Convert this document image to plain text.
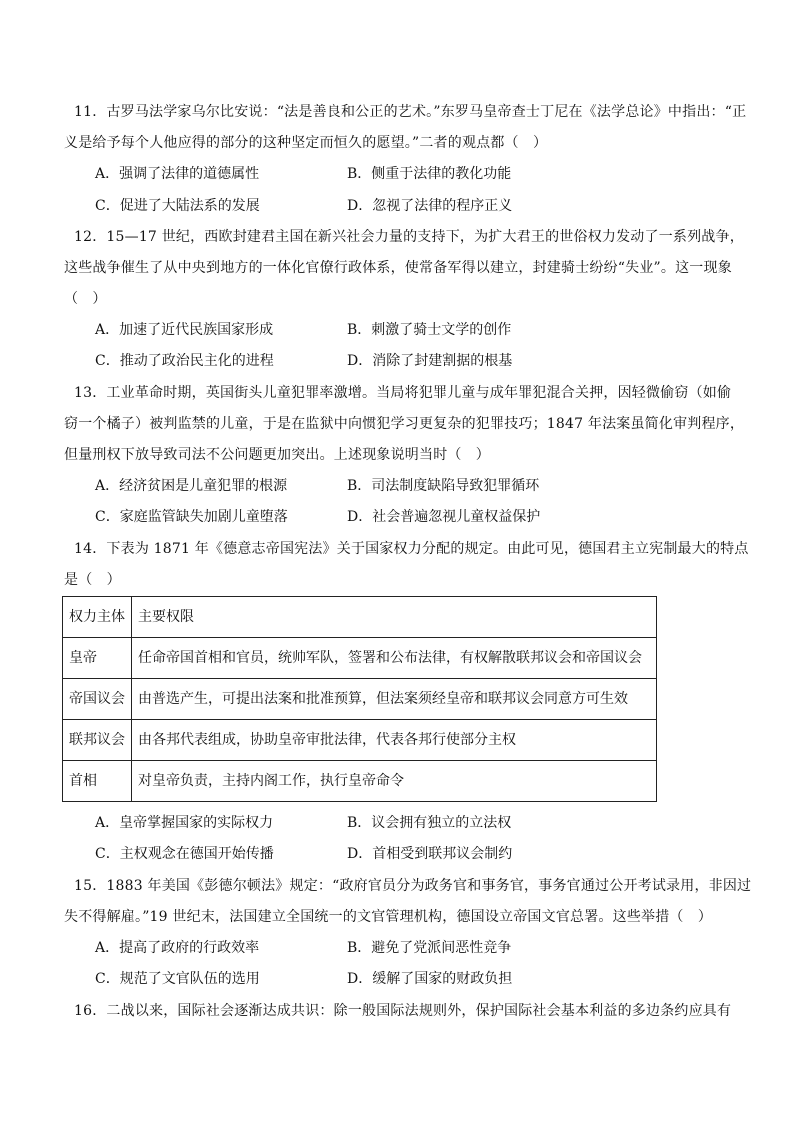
11．古罗马法学家乌尔比安说：“法是善良和公正的艺术。”东罗马皇帝查士丁尼在《法学总论》中指出：“正
义是给予每个人他应得的部分的这种坚定而恒久的愿望。”二者的观点都（　）
A．强调了法律的道德属性	B．侧重于法律的教化功能
C．促进了大陆法系的发展	D．忽视了法律的程序正义
12．15—17 世纪，西欧封建君主国在新兴社会力量的支持下，为扩大君王的世俗权力发动了一系列战争，
这些战争催生了从中央到地方的一体化官僚行政体系，使常备军得以建立，封建骑士纷纷“失业”。这一现象
（　）
A．加速了近代民族国家形成	B．刺激了骑士文学的创作
C．推动了政治民主化的进程	D．消除了封建割据的根基
13．工业革命时期，英国街头儿童犯罪率激增。当局将犯罪儿童与成年罪犯混合关押，因轻微偷窃（如偷
窃一个橘子）被判监禁的儿童，于是在监狱中向惯犯学习更复杂的犯罪技巧；1847 年法案虽简化审判程序，
但量刑权下放导致司法不公问题更加突出。上述现象说明当时（　）
A．经济贫困是儿童犯罪的根源	B．司法制度缺陷导致犯罪循环
C．家庭监管缺失加剧儿童堕落	D．社会普遍忽视儿童权益保护
14．下表为 1871 年《德意志帝国宪法》关于国家权力分配的规定。由此可见，德国君主立宪制最大的特点
是（　）
权力主体	主要权限
皇帝	任命帝国首相和官员，统帅军队，签署和公布法律，有权解散联邦议会和帝国议会
帝国议会	由普选产生，可提出法案和批准预算，但法案须经皇帝和联邦议会同意方可生效
联邦议会	由各邦代表组成，协助皇帝审批法律，代表各邦行使部分主权
首相	对皇帝负责，主持内阁工作，执行皇帝命令
A．皇帝掌握国家的实际权力	B．议会拥有独立的立法权
C．主权观念在德国开始传播	D．首相受到联邦议会制约
15．1883 年美国《彭德尔顿法》规定：“政府官员分为政务官和事务官，事务官通过公开考试录用，非因过
失不得解雇。”19 世纪末，法国建立全国统一的文官管理机构，德国设立帝国文官总署。这些举措（　）
A．提高了政府的行政效率	B．避免了党派间恶性竞争
C．规范了文官队伍的选用	D．缓解了国家的财政负担
16．二战以来，国际社会逐渐达成共识：除一般国际法规则外，保护国际社会基本利益的多边条约应具有
